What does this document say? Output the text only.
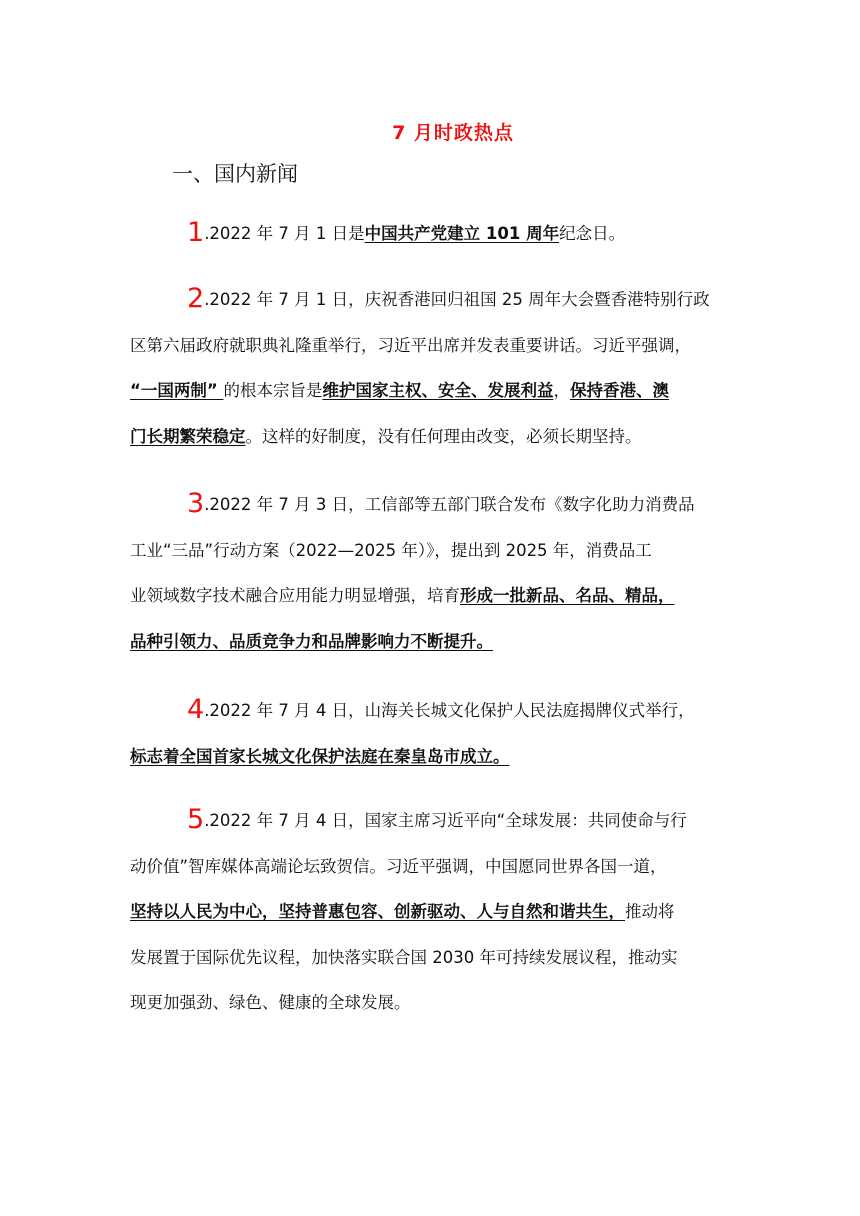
7 月时政热点
一、国内新闻
1.2022 年 7 月 1 日是中国共产党建立 101 周年纪念日。
2.2022 年 7 月 1 日，庆祝香港回归祖国 25 周年大会暨香港特别行政
区第六届政府就职典礼隆重举行，习近平出席并发表重要讲话。习近平强调，
“一国两制” 的根本宗旨是维护国家主权、安全、发展利益，保持香港、澳
门长期繁荣稳定。这样的好制度，没有任何理由改变，必须长期坚持。
3.2022 年 7 月 3 日，工信部等五部门联合发布《数字化助力消费品
工业“三品”行动方案（2022—2025 年）》，提出到 2025 年，消费品工
业领域数字技术融合应用能力明显增强，培育形成一批新品、名品、精品，
品种引领力、品质竞争力和品牌影响力不断提升。
4.2022 年 7 月 4 日，山海关长城文化保护人民法庭揭牌仪式举行，
标志着全国首家长城文化保护法庭在秦皇岛市成立。
5.2022 年 7 月 4 日，国家主席习近平向“全球发展：共同使命与行
动价值”智库媒体高端论坛致贺信。习近平强调，中国愿同世界各国一道，
坚持以人民为中心，坚持普惠包容、创新驱动、人与自然和谐共生，推动将
发展置于国际优先议程，加快落实联合国 2030 年可持续发展议程，推动实
现更加强劲、绿色、健康的全球发展。
